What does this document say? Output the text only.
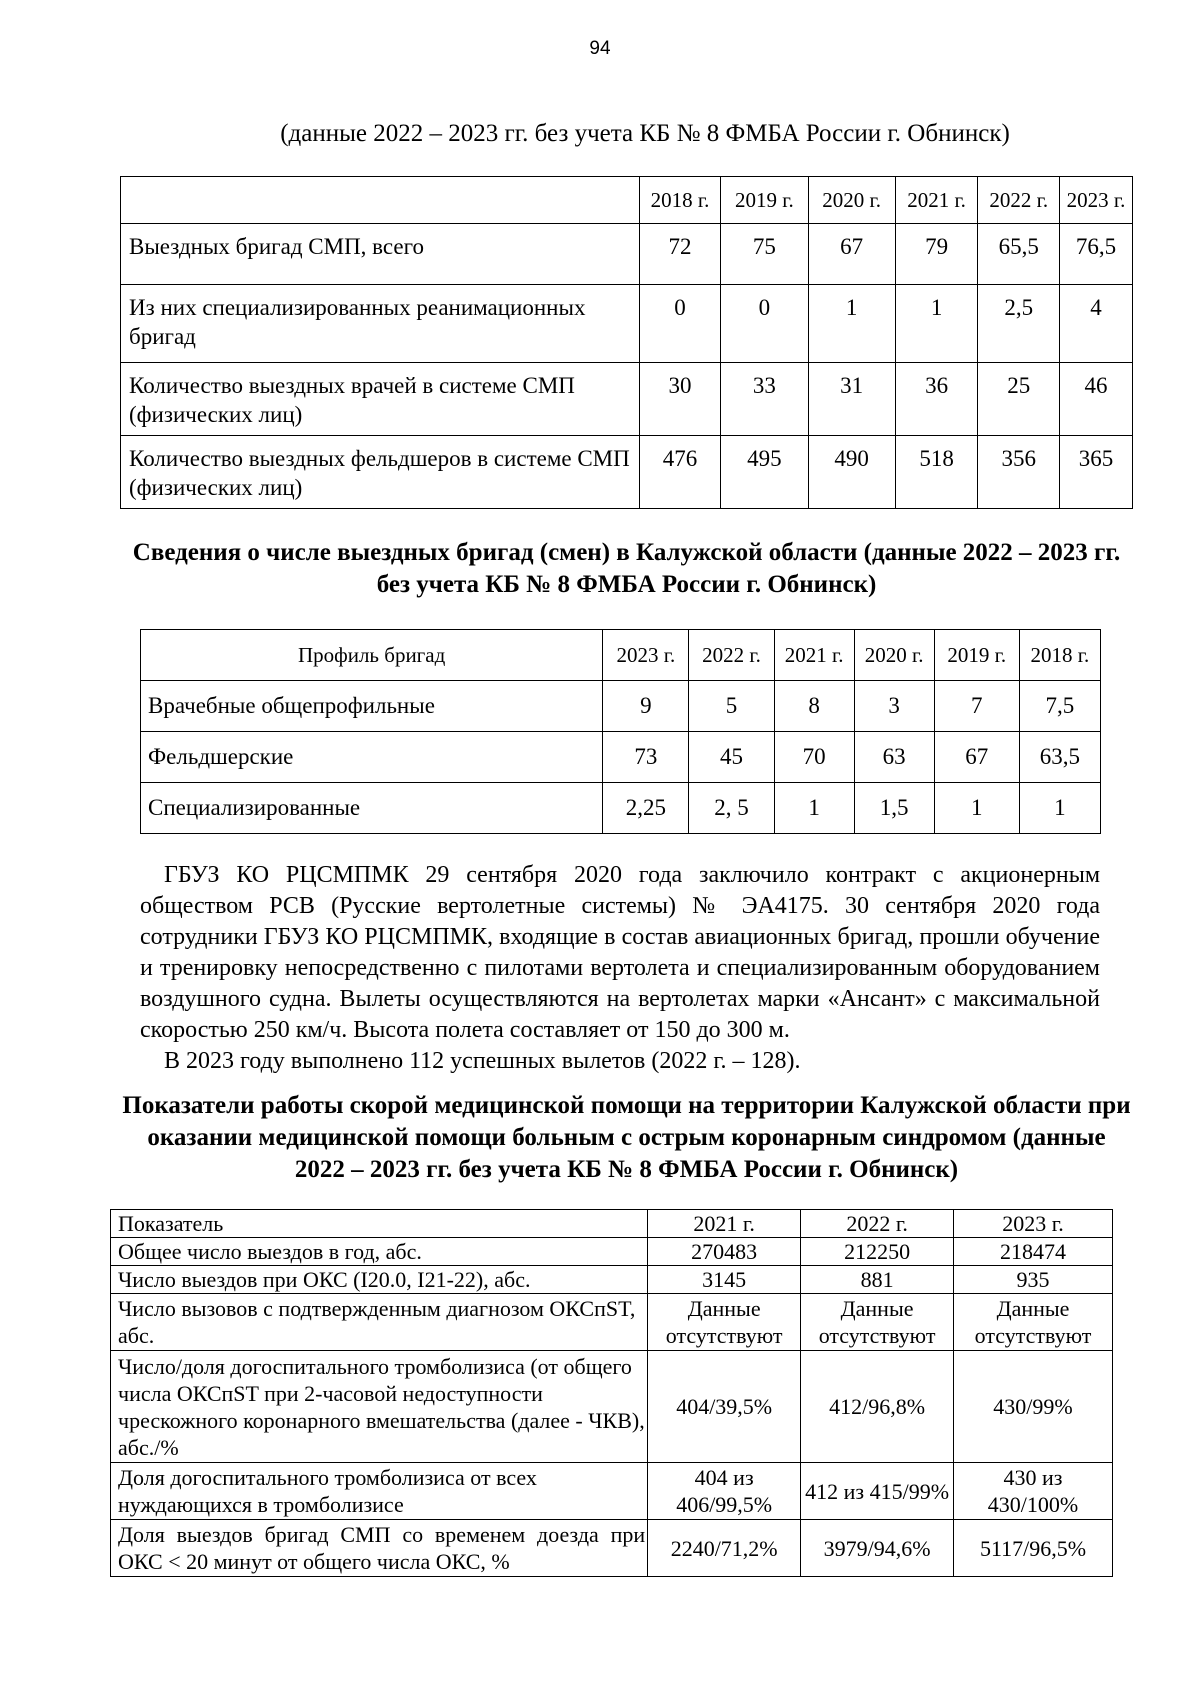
94
(данные 2022 – 2023 гг. без учета КБ № 8 ФМБА России г. Обнинск)
	2018 г.	2019 г.	2020 г.	2021 г.	2022 г.	2023 г.
Выездных бригад СМП, всего	72	75	67	79	65,5	76,5
Из них специализированных реанимационных бригад	0	0	1	1	2,5	4
Количество выездных врачей в системе СМП (физических лиц)	30	33	31	36	25	46
Количество выездных фельдшеров в системе СМП (физических лиц)	476	495	490	518	356	365
Сведения о числе выездных бригад (смен) в Калужской области (данные 2022 – 2023 гг. без учета КБ № 8 ФМБА России г. Обнинск)
Профиль бригад	2023 г.	2022 г.	2021 г.	2020 г.	2019 г.	2018 г.
Врачебные общепрофильные	9	5	8	3	7	7,5
Фельдшерские	73	45	70	63	67	63,5
Специализированные	2,25	2, 5	1	1,5	1	1
ГБУЗ КО РЦСМПМК 29 сентября 2020 года заключило контракт с акционерным обществом РСВ (Русские вертолетные системы) № ЭА4175. 30 сентября 2020 года сотрудники ГБУЗ КО РЦСМПМК, входящие в состав авиационных бригад, прошли обучение и тренировку непосредственно с пилотами вертолета и специализированным оборудованием воздушного судна. Вылеты осуществляются на вертолетах марки «Ансант» с максимальной скоростью 250 км/ч. Высота полета составляет от 150 до 300 м.
В 2023 году выполнено 112 успешных вылетов (2022 г. – 128).
Показатели работы скорой медицинской помощи на территории Калужской области при оказании медицинской помощи больным с острым коронарным синдромом (данные 2022 – 2023 гг. без учета КБ № 8 ФМБА России г. Обнинск)
Показатель	2021 г.	2022 г.	2023 г.
Общее число выездов в год, абс.	270483	212250	218474
Число выездов при ОКС (I20.0, I21-22), абс.	3145	881	935
Число вызовов с подтвержденным диагнозом ОКСпST, абс.	Данные отсутствуют	Данные отсутствуют	Данные отсутствуют
Число/доля догоспитального тромболизиса (от общего числа ОКСпST при 2-часовой недоступности чрескожного коронарного вмешательства (далее - ЧКВ), абс./%	404/39,5%	412/96,8%	430/99%
Доля догоспитального тромболизиса от всех нуждающихся в тромболизисе	404 из 406/99,5%	412 из 415/99%	430 из 430/100%
Доля выездов бригад СМП со временем доезда при ОКС < 20 минут от общего числа ОКС, %	2240/71,2%	3979/94,6%	5117/96,5%
